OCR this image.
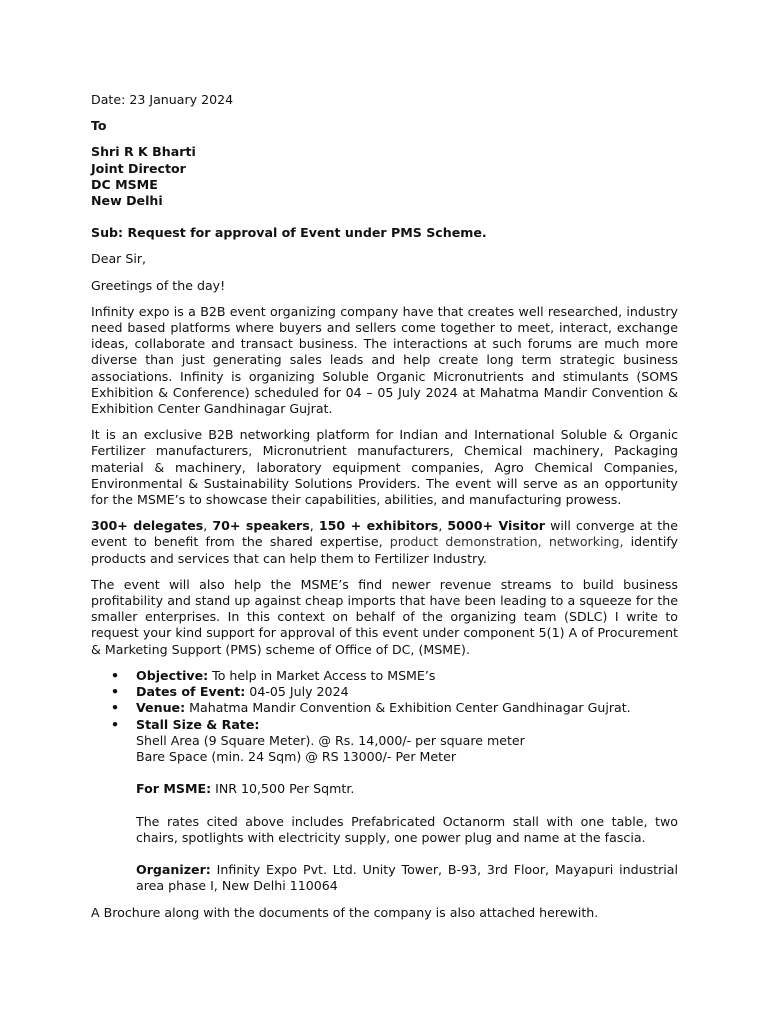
Date: 23 January 2024

To

Shri R K Bharti

Joint Director

DC MSME

New Delhi

Sub: Request for approval of Event under PMS Scheme.

Dear Sir,

Greetings of the day!

Infinity expo is a B2B event organizing company have that creates well researched, industry need based platforms where buyers and sellers come together to meet, interact, exchange ideas, collaborate and transact business. The interactions at such forums are much more diverse than just generating sales leads and help create long term strategic business associations. Infinity is organizing Soluble Organic Micronutrients and stimulants (SOMS Exhibition & Conference) scheduled for 04 – 05 July 2024 at Mahatma Mandir Convention & Exhibition Center Gandhinagar Gujrat.

It is an exclusive B2B networking platform for Indian and International Soluble & Organic Fertilizer manufacturers, Micronutrient manufacturers, Chemical machinery, Packaging material & machinery, laboratory equipment companies, Agro Chemical Companies, Environmental & Sustainability Solutions Providers. The event will serve as an opportunity for the MSME’s to showcase their capabilities, abilities, and manufacturing prowess.

300+ delegates, 70+ speakers, 150 + exhibitors, 5000+ Visitor will converge at the event to benefit from the shared expertise, product demonstration, networking, identify products and services that can help them to Fertilizer Industry.

The event will also help the MSME’s find newer revenue streams to build business profitability and stand up against cheap imports that have been leading to a squeeze for the smaller enterprises. In this context on behalf of the organizing team (SDLC) I write to request your kind support for approval of this event under component 5(1) A of Procurement & Marketing Support (PMS) scheme of Office of DC, (MSME).

• Objective: To help in Market Access to MSME’s
• Dates of Event: 04-05 July 2024
• Venue: Mahatma Mandir Convention & Exhibition Center Gandhinagar Gujrat.
• Stall Size & Rate:

Shell Area (9 Square Meter). @ Rs. 14,000/- per square meter

Bare Space (min. 24 Sqm) @ RS 13000/- Per Meter

For MSME: INR 10,500 Per Sqmtr.

The rates cited above includes Prefabricated Octanorm stall with one table, two chairs, spotlights with electricity supply, one power plug and name at the fascia.

Organizer: Infinity Expo Pvt. Ltd. Unity Tower, B-93, 3rd Floor, Mayapuri industrial area phase I, New Delhi 110064

A Brochure along with the documents of the company is also attached herewith.
